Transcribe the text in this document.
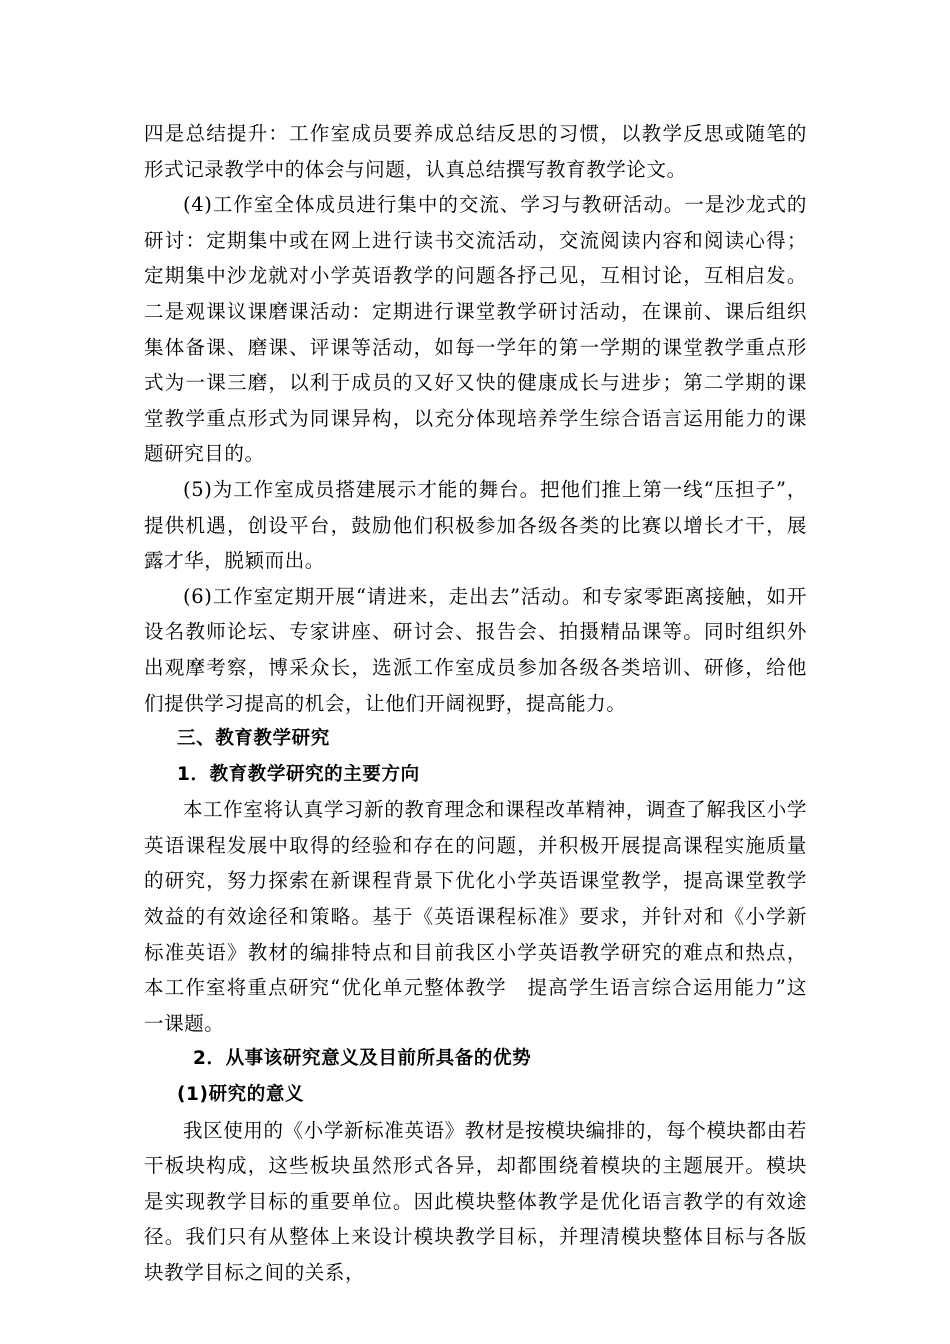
四是总结提升：工作室成员要养成总结反思的习惯，以教学反思或随笔的形式记录教学中的体会与问题，认真总结撰写教育教学论文。

(4)工作室全体成员进行集中的交流、学习与教研活动。一是沙龙式的研讨：定期集中或在网上进行读书交流活动，交流阅读内容和阅读心得；定期集中沙龙就对小学英语教学的问题各抒己见，互相讨论，互相启发。二是观课议课磨课活动：定期进行课堂教学研讨活动，在课前、课后组织集体备课、磨课、评课等活动，如每一学年的第一学期的课堂教学重点形式为一课三磨，以利于成员的又好又快的健康成长与进步；第二学期的课堂教学重点形式为同课异构，以充分体现培养学生综合语言运用能力的课题研究目的。

(5)为工作室成员搭建展示才能的舞台。把他们推上第一线“压担子”， 提供机遇，创设平台，鼓励他们积极参加各级各类的比赛以增长才干，展露才华，脱颖而出。

(6)工作室定期开展“请进来，走出去”活动。和专家零距离接触，如开设名教师论坛、专家讲座、研讨会、报告会、拍摄精品课等。同时组织外出观摩考察，博采众长，选派工作室成员参加各级各类培训、研修，给他们提供学习提高的机会，让他们开阔视野，提高能力。

三、教育教学研究

1．教育教学研究的主要方向

本工作室将认真学习新的教育理念和课程改革精神，调查了解我区小学英语课程发展中取得的经验和存在的问题，并积极开展提高课程实施质量的研究，努力探索在新课程背景下优化小学英语课堂教学，提高课堂教学效益的有效途径和策略。基于《英语课程标准》要求，并针对和《小学新标准英语》教材的编排特点和目前我区小学英语教学研究的难点和热点，本工作室将重点研究“优化单元整体教学　提高学生语言综合运用能力”这一课题。

2．从事该研究意义及目前所具备的优势

(1)研究的意义

我区使用的《小学新标准英语》教材是按模块编排的，每个模块都由若干板块构成，这些板块虽然形式各异，却都围绕着模块的主题展开。模块是实现教学目标的重要单位。因此模块整体教学是优化语言教学的有效途径。我们只有从整体上来设计模块教学目标，并理清模块整体目标与各版块教学目标之间的关系，
